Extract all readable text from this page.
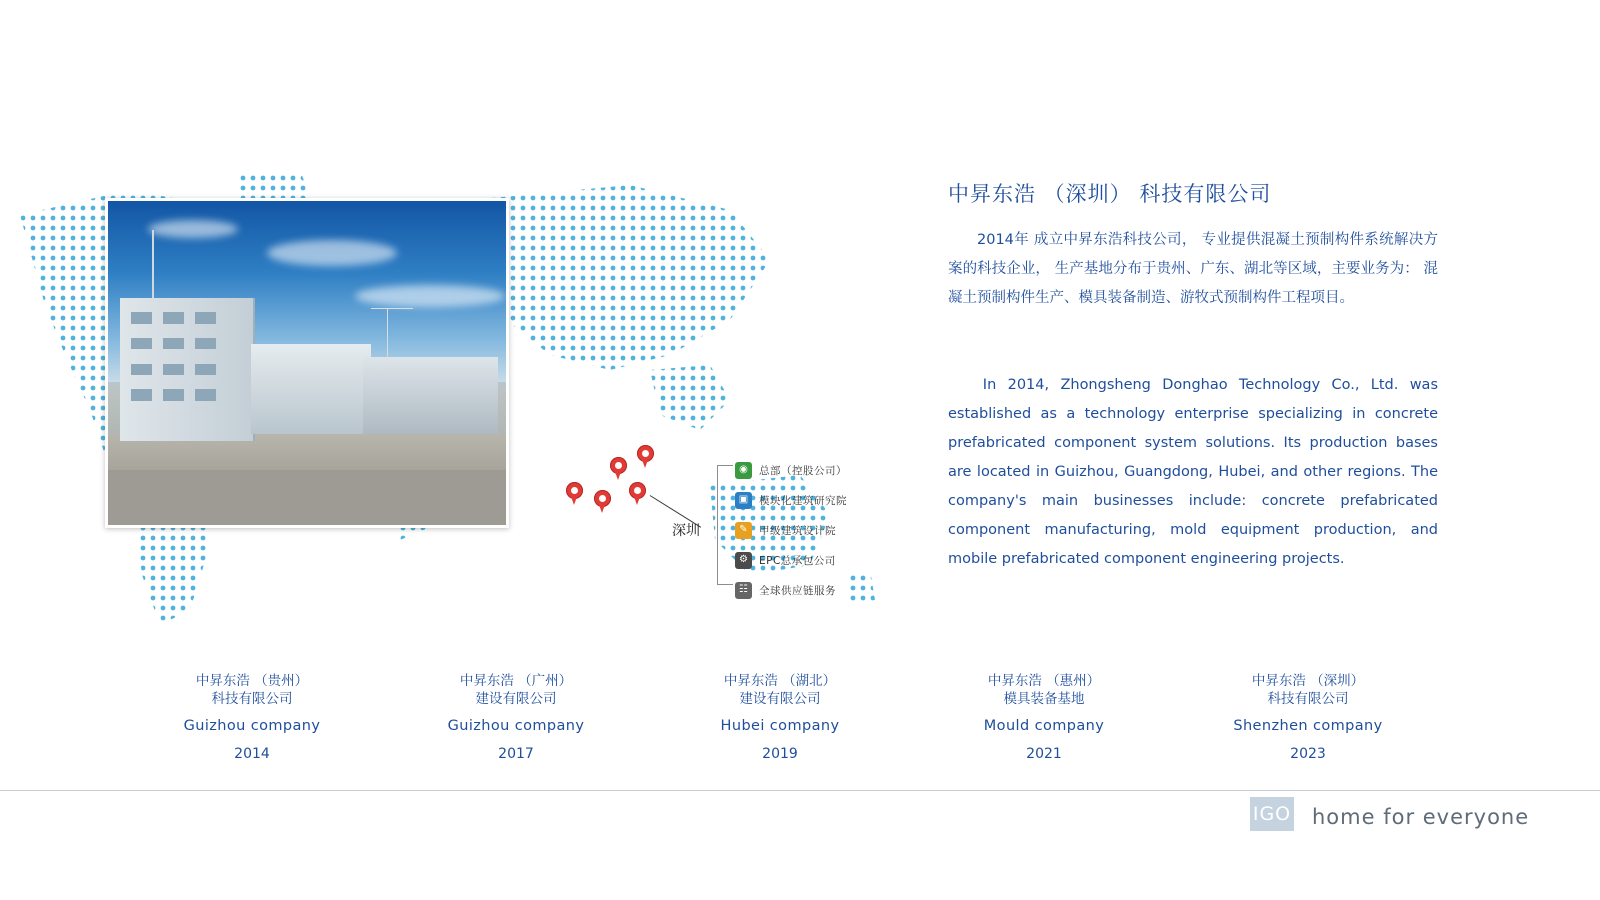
深圳
◉	总部（控股公司）
▣	模块化建筑研究院
✎	甲级建筑设计院
⚙	EPC总承包公司
☷	全球供应链服务
中昇东浩 （深圳） 科技有限公司
2014年 成立中昇东浩科技公司， 专业提供混凝土预制构件系统解决方案的科技企业， 生产基地分布于贵州、广东、湖北等区域，主要业务为： 混凝土预制构件生产、模具装备制造、游牧式预制构件工程项目。
In 2014, Zhongsheng Donghao Technology Co., Ltd. was established as a technology enterprise specializing in concrete prefabricated component system solutions. Its production bases are located in Guizhou, Guangdong, Hubei, and other regions. The company's main businesses include: concrete prefabricated component manufacturing, mold equipment production, and mobile prefabricated component engineering projects.
中昇东浩 （贵州）
科技有限公司
Guizhou company
2014
中昇东浩 （广州）
建设有限公司
Guizhou company
2017
中昇东浩 （湖北）
建设有限公司
Hubei company
2019
中昇东浩 （惠州）
模具装备基地
Mould company
2021
中昇东浩 （深圳）
科技有限公司
Shenzhen company
2023
IGO home for everyone
